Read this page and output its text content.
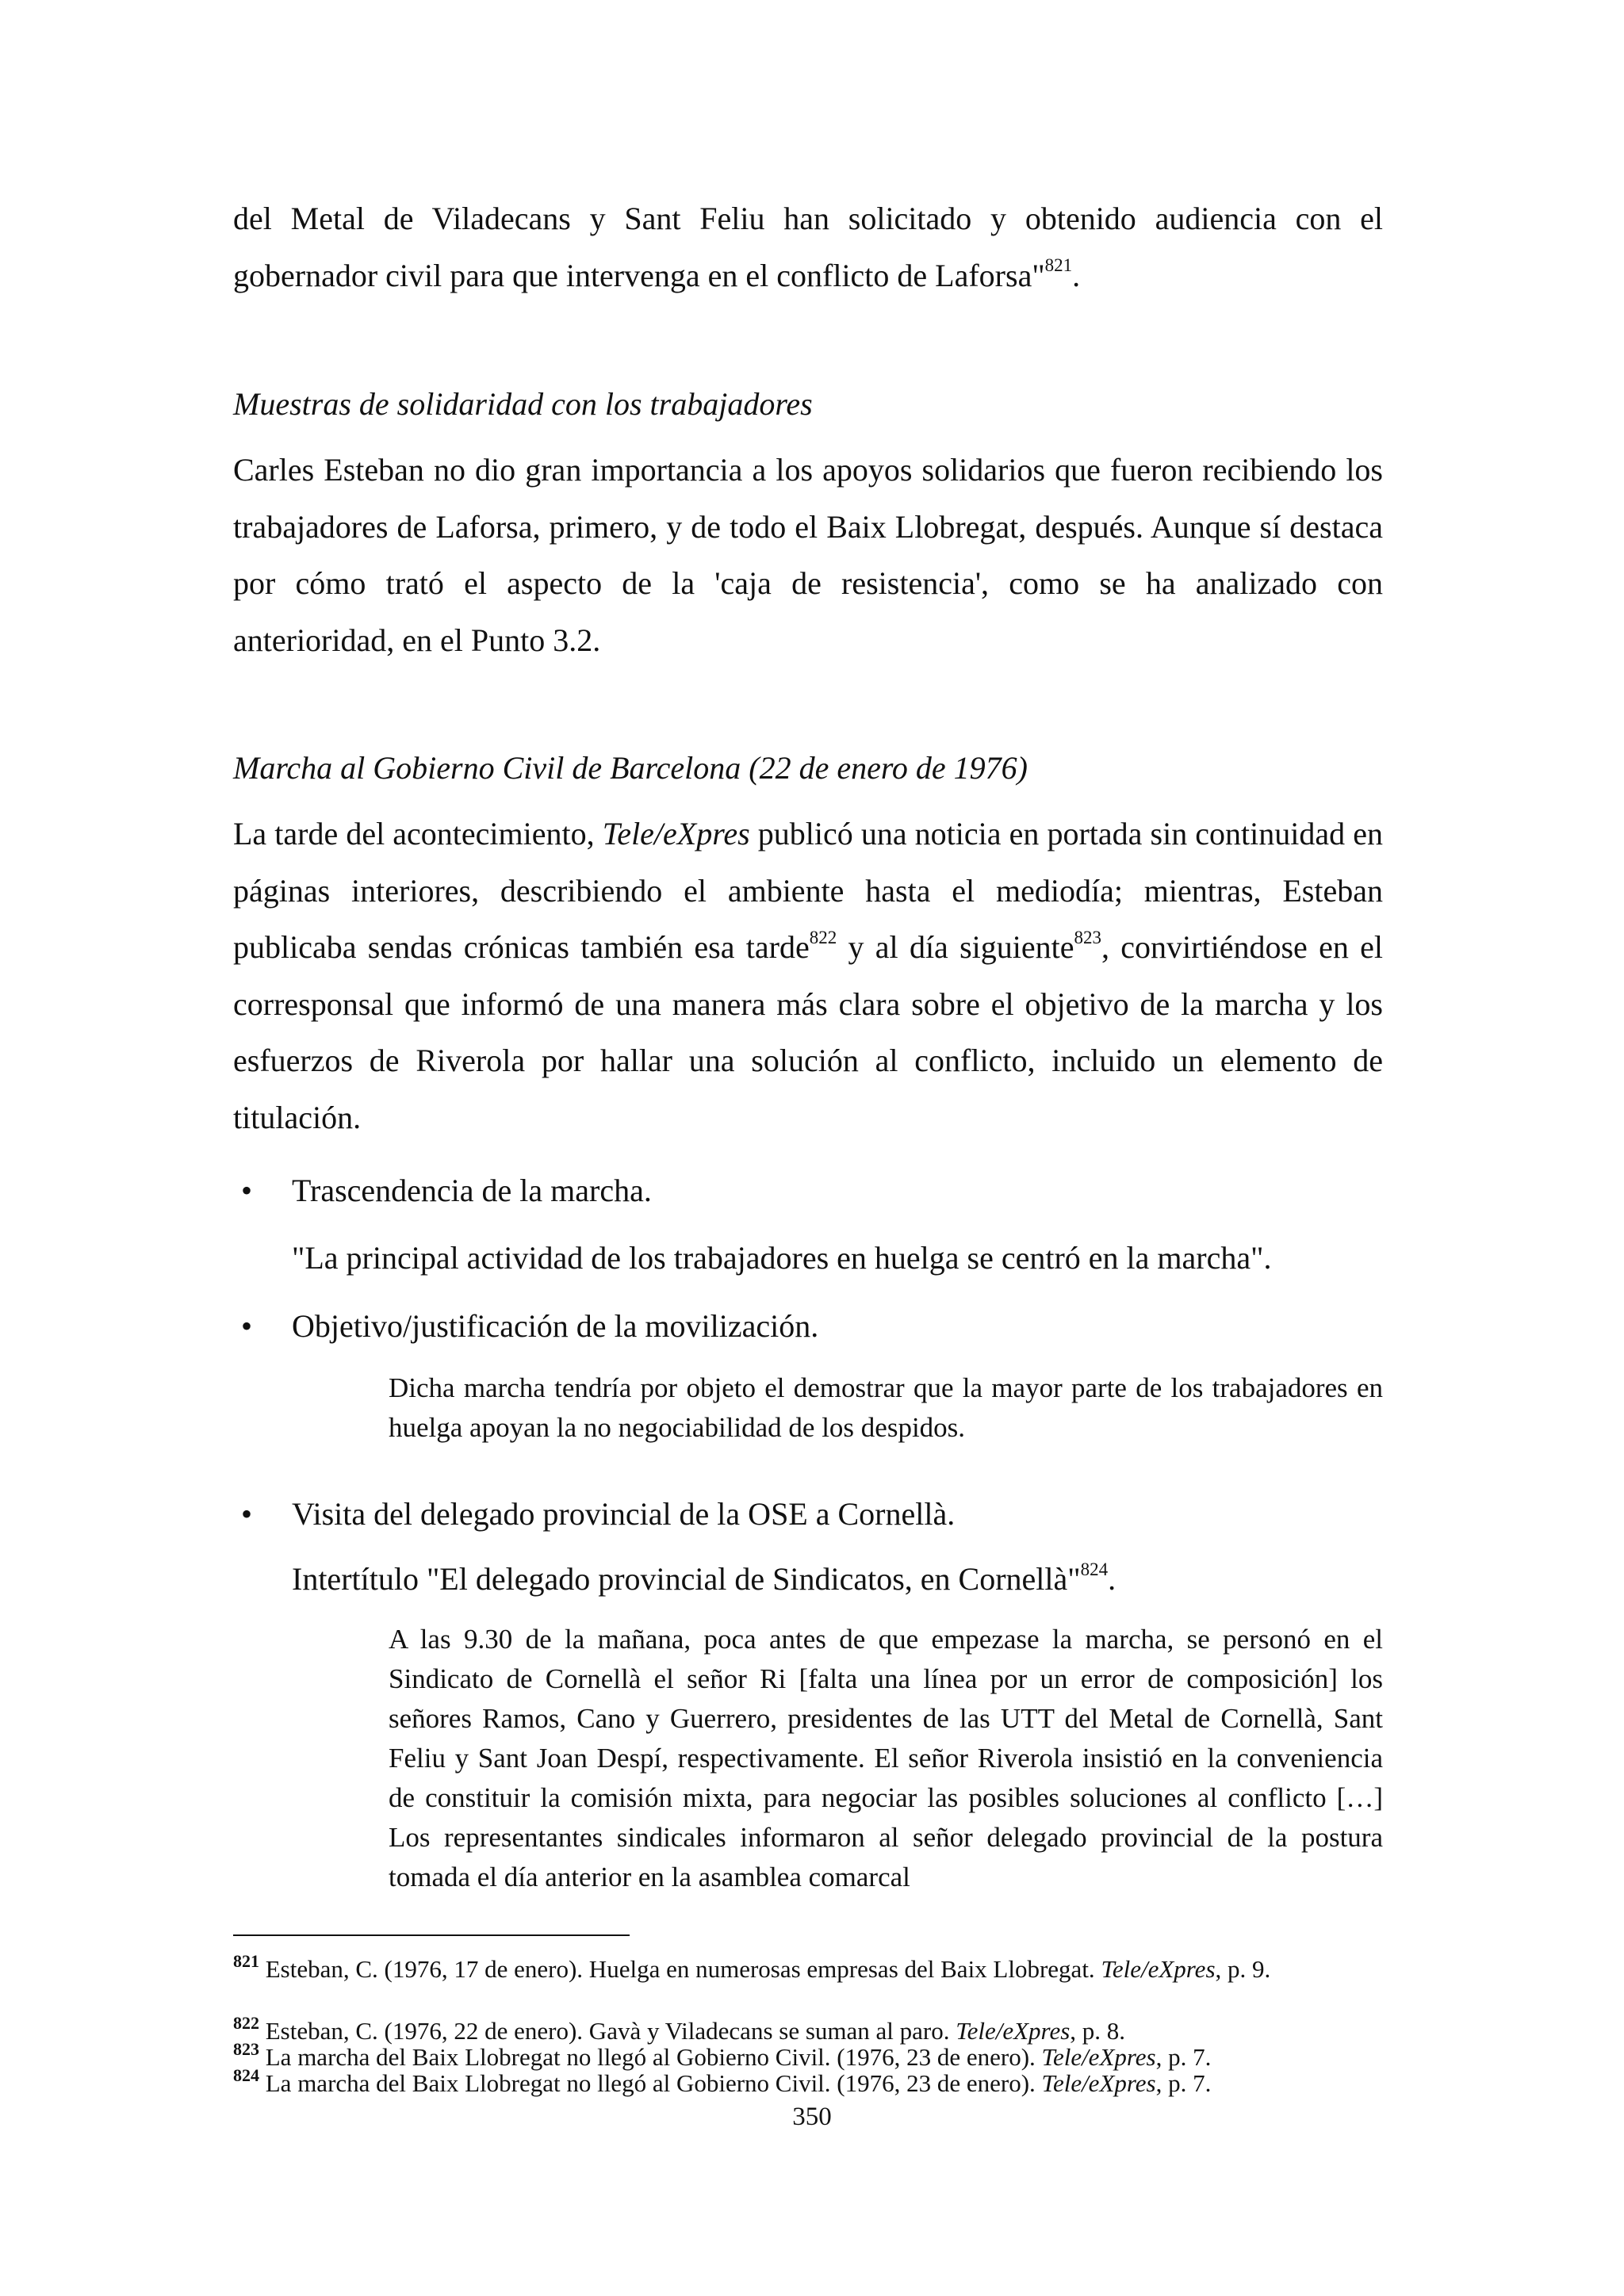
del Metal de Viladecans y Sant Feliu han solicitado y obtenido audiencia con el

gobernador civil para que intervenga en el conflicto de Laforsa"$^{821}$.

Muestras de solidaridad con los trabajadores

Carles Esteban no dio gran importancia a los apoyos solidarios que fueron recibiendo los trabajadores de Laforsa, primero, y de todo el Baix Llobregat, después. Aunque sí destaca por cómo trató el aspecto de la 'caja de resistencia', como se ha analizado con anterioridad, en el Punto 3.2.

Marcha al Gobierno Civil de Barcelona (22 de enero de 1976)

La tarde del acontecimiento, Tele/eXpres publicó una noticia en portada sin continuidad en páginas interiores, describiendo el ambiente hasta el mediodía; mientras, Esteban publicaba sendas crónicas también esa tarde$^{822}$ y al día siguiente$^{823}$, convirtiéndose en el corresponsal que informó de una manera más clara sobre el objetivo de la marcha y los esfuerzos de Riverola por hallar una solución al conflicto, incluido un elemento de titulación.

• Trascendencia de la marcha.
"La principal actividad de los trabajadores en huelga se centró en la marcha".
• Objetivo/justificación de la movilización.

Dicha marcha tendría por objeto el demostrar que la mayor parte de los trabajadores en huelga apoyan la no negociabilidad de los despidos.

• Visita del delegado provincial de la OSE a Cornellà.
Intertítulo "El delegado provincial de Sindicatos, en Cornellà"$^{824}$.

A las 9.30 de la mañana, poca antes de que empezase la marcha, se personó en el Sindicato de Cornellà el señor Ri [falta una línea por un error de composición] los señores Ramos, Cano y Guerrero, presidentes de las UTT del Metal de Cornellà, Sant Feliu y Sant Joan Despí, respectivamente. El señor Riverola insistió en la conveniencia de constituir la comisión mixta, para negociar las posibles soluciones al conflicto […] Los representantes sindicales informaron al señor delegado provincial de la postura tomada el día anterior en la asamblea comarcal

$^{821}$ Esteban, C. (1976, 17 de enero). Huelga en numerosas empresas del Baix Llobregat. Tele/eXpres, p. 9.

$^{822}$ Esteban, C. (1976, 22 de enero). Gavà y Viladecans se suman al paro. Tele/eXpres, p. 8.

$^{823}$ La marcha del Baix Llobregat no llegó al Gobierno Civil. (1976, 23 de enero). Tele/eXpres, p. 7.

$^{824}$ La marcha del Baix Llobregat no llegó al Gobierno Civil. (1976, 23 de enero). Tele/eXpres, p. 7.

350
